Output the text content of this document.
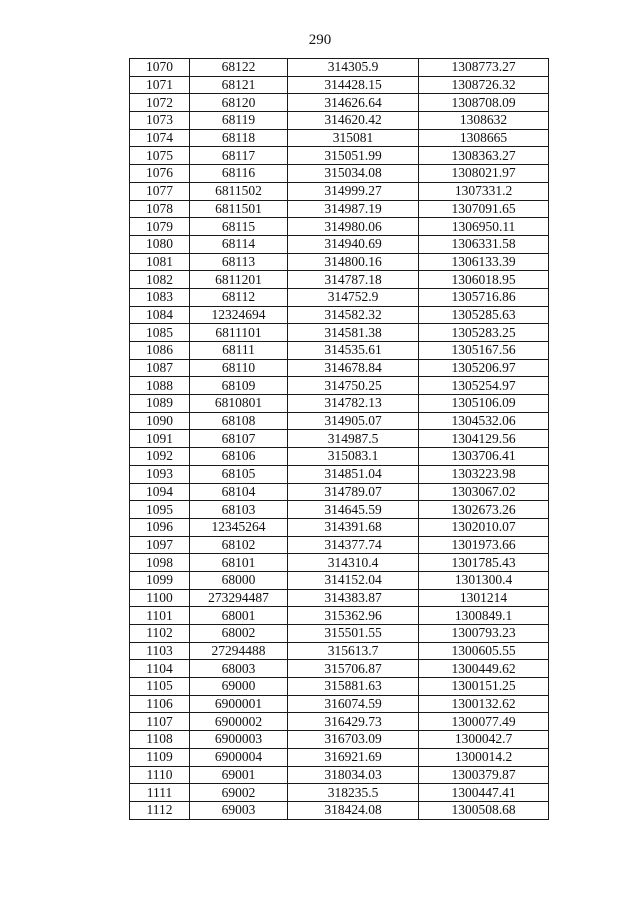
290
1070	68122	314305.9	1308773.27
1071	68121	314428.15	1308726.32
1072	68120	314626.64	1308708.09
1073	68119	314620.42	1308632
1074	68118	315081	1308665
1075	68117	315051.99	1308363.27
1076	68116	315034.08	1308021.97
1077	6811502	314999.27	1307331.2
1078	6811501	314987.19	1307091.65
1079	68115	314980.06	1306950.11
1080	68114	314940.69	1306331.58
1081	68113	314800.16	1306133.39
1082	6811201	314787.18	1306018.95
1083	68112	314752.9	1305716.86
1084	12324694	314582.32	1305285.63
1085	6811101	314581.38	1305283.25
1086	68111	314535.61	1305167.56
1087	68110	314678.84	1305206.97
1088	68109	314750.25	1305254.97
1089	6810801	314782.13	1305106.09
1090	68108	314905.07	1304532.06
1091	68107	314987.5	1304129.56
1092	68106	315083.1	1303706.41
1093	68105	314851.04	1303223.98
1094	68104	314789.07	1303067.02
1095	68103	314645.59	1302673.26
1096	12345264	314391.68	1302010.07
1097	68102	314377.74	1301973.66
1098	68101	314310.4	1301785.43
1099	68000	314152.04	1301300.4
1100	273294487	314383.87	1301214
1101	68001	315362.96	1300849.1
1102	68002	315501.55	1300793.23
1103	27294488	315613.7	1300605.55
1104	68003	315706.87	1300449.62
1105	69000	315881.63	1300151.25
1106	6900001	316074.59	1300132.62
1107	6900002	316429.73	1300077.49
1108	6900003	316703.09	1300042.7
1109	6900004	316921.69	1300014.2
1110	69001	318034.03	1300379.87
1111	69002	318235.5	1300447.41
1112	69003	318424.08	1300508.68
